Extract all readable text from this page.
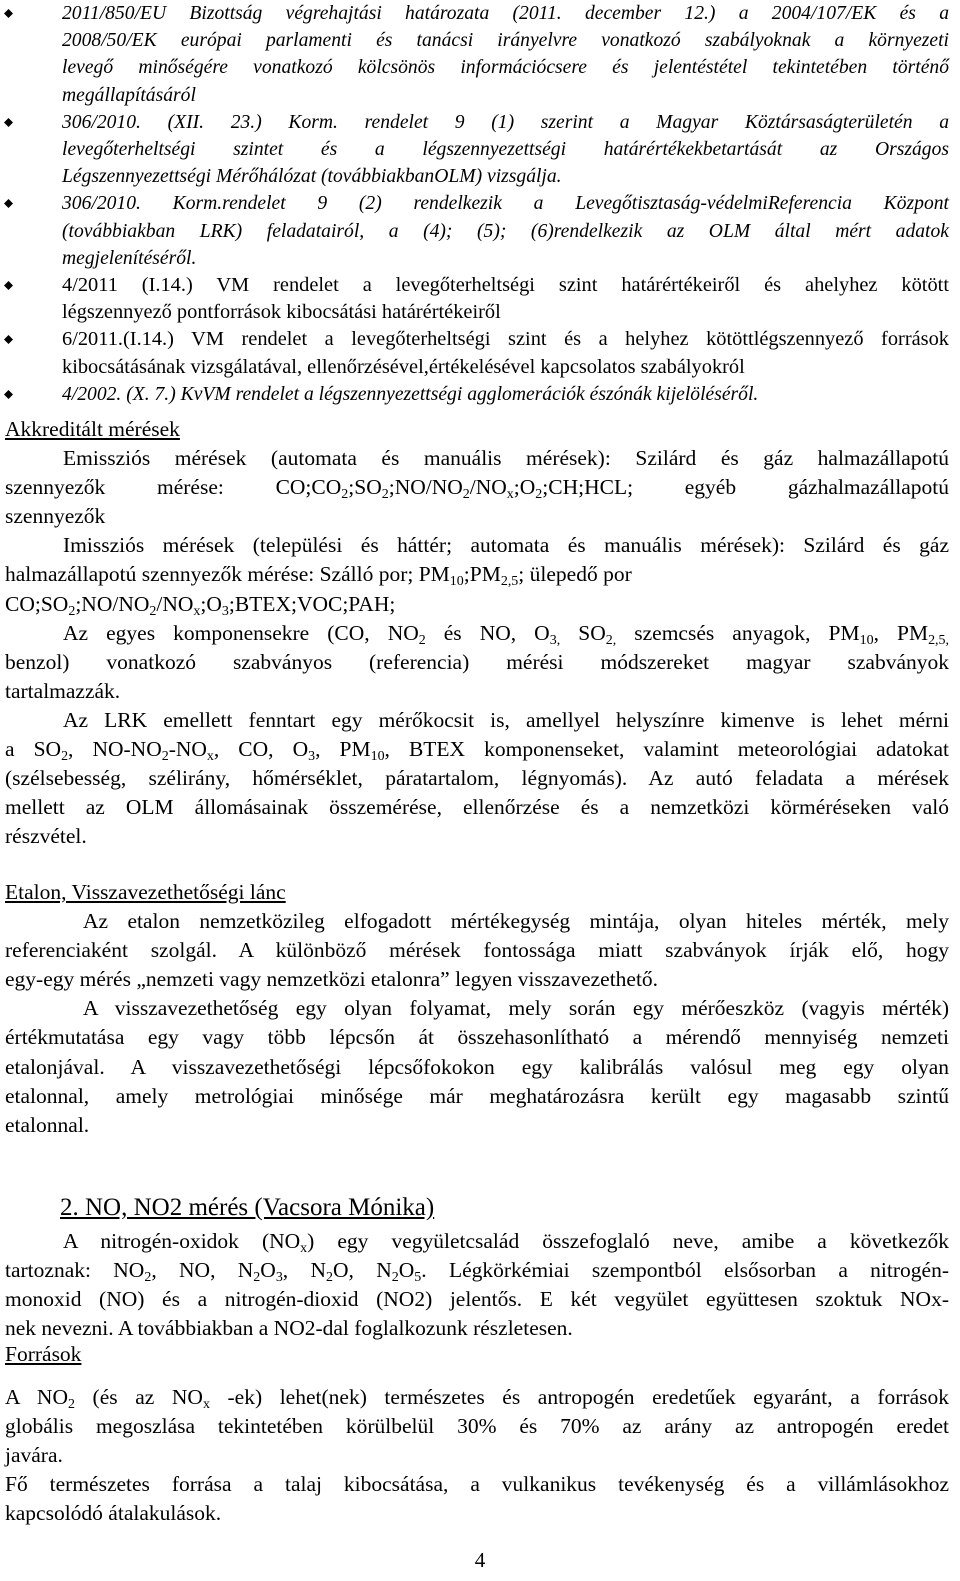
2011/850/EU Bizottság végrehajtási határozata (2011. december 12.) a 2004/107/EK és a
2008/50/EK európai parlamenti és tanácsi irányelvre vonatkozó szabályoknak a környezeti
levegő minőségére vonatkozó kölcsönös információcsere és jelentéstétel tekintetében történő
megállapításáról
306/2010. (XII. 23.) Korm. rendelet 9 (1) szerint a Magyar Köztársaságterületén a
levegőterheltségi szintet és a légszennyezettségi határértékekbetartását az Országos
Légszennyezettségi Mérőhálózat (továbbiakbanOLM) vizsgálja.
306/2010. Korm.rendelet 9 (2) rendelkezik a Levegőtisztaság-védelmiReferencia Központ
(továbbiakban LRK) feladatairól, a (4); (5); (6)rendelkezik az OLM által mért adatok
megjelenítéséről.
4/2011 (I.14.) VM rendelet a levegőterheltségi szint határértékeiről és ahelyhez kötött
légszennyező pontforrások kibocsátási határértékeiről
6/2011.(I.14.) VM rendelet a levegőterheltségi szint és a helyhez kötöttlégszennyező források
kibocsátásának vizsgálatával, ellenőrzésével,értékelésével kapcsolatos szabályokról
4/2002. (X. 7.) KvVM rendelet a légszennyezettségi agglomerációk észónák kijelöléséről.
Akkreditált mérések
Emissziós mérések (automata és manuális mérések): Szilárd és gáz halmazállapotú
szennyezők mérése: $CO;CO_2;SO_2;NO/NO_2/NO_x;O_2;CH;HCL$; egyéb gázhalmazállapotú
szennyezők
Imissziós mérések (települési és háttér; automata és manuális mérések): Szilárd és gáz
halmazállapotú szennyezők mérése: Szálló por; $PM_{10};PM_{2,5}$; ülepedő por
$CO;SO_2;NO/NO_2/NO_x;O_3;BTEX;VOC;PAH$;
Az egyes komponensekre (CO, $NO_2$ és NO, $O_{3,}$ $SO_{2,}$ szemcsés anyagok, $PM_{10}$, $PM_{2,5,}$
benzol) vonatkozó szabványos (referencia) mérési módszereket magyar szabványok
tartalmazzák.
Az LRK emellett fenntart egy mérőkocsit is, amellyel helyszínre kimenve is lehet mérni
a $SO_2$, $NO-NO_2-NO_x$, CO, $O_3$, $PM_{10}$, BTEX komponenseket, valamint meteorológiai adatokat
(szélsebesség, szélirány, hőmérséklet, páratartalom, légnyomás). Az autó feladata a mérések
mellett az OLM állomásainak összemérése, ellenőrzése és a nemzetközi körméréseken való
részvétel.
Etalon, Visszavezethetőségi lánc
Az etalon nemzetközileg elfogadott mértékegység mintája, olyan hiteles mérték, mely
referenciaként szolgál. A különböző mérések fontossága miatt szabványok írják elő, hogy
egy-egy mérés „nemzeti vagy nemzetközi etalonra” legyen visszavezethető.
A visszavezethetőség egy olyan folyamat, mely során egy mérőeszköz (vagyis mérték)
értékmutatása egy vagy több lépcsőn át összehasonlítható a mérendő mennyiség nemzeti
etalonjával. A visszavezethetőségi lépcsőfokokon egy kalibrálás valósul meg egy olyan
etalonnal, amely metrológiai minősége már meghatározásra került egy magasabb szintű
etalonnal.
2. NO, NO2 mérés (Vacsora Mónika)
A nitrogén-oxidok $(NO_x)$ egy vegyületcsalád összefoglaló neve, amibe a következők
tartoznak: $NO_2$, NO, $N_2O_3$, $N_2O$, $N_2O_5$. Légkörkémiai szempontból elsősorban a nitrogén-
monoxid (NO) és a nitrogén-dioxid (NO2) jelentős. E két vegyület együttesen szoktuk NOx-
nek nevezni. A továbbiakban a NO2-dal foglalkozunk részletesen.
Források
A $NO_2$ (és az $NO_x$ -ek) lehet(nek) természetes és antropogén eredetűek egyaránt, a források
globális megoszlása tekintetében körülbelül 30% és 70% az arány az antropogén eredet
javára.
Fő természetes forrása a talaj kibocsátása, a vulkanikus tevékenység és a villámlásokhoz
kapcsolódó átalakulások.
4
